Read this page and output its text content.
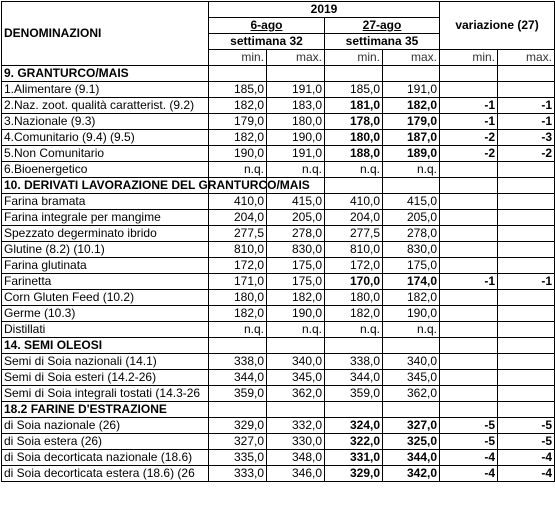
DENOMINAZIONI	2019				variazione (27)	
	6-ago		27-ago			
	settimana 32		settimana 35			
	min.	max.	min.	max.	min.	max.
9. GRANTURCO/MAIS						
1.Alimentare (9.1)	185,0	191,0	185,0	191,0		
2.Naz. zoot. qualità caratterist. (9.2)	182,0	183,0	181,0	182,0	-1	-1
3.Nazionale (9.3)	179,0	180,0	178,0	179,0	-1	-1
4.Comunitario (9.4) (9.5)	182,0	190,0	180,0	187,0	-2	-3
5.Non Comunitario	190,0	191,0	188,0	189,0	-2	-2
6.Bioenergetico	n.q.	n.q.	n.q.	n.q.		
10. DERIVATI LAVORAZIONE DEL GRANTURCO/MAIS						
Farina bramata	410,0	415,0	410,0	415,0		
Farina integrale per mangime	204,0	205,0	204,0	205,0		
Spezzato degerminato ibrido	277,5	278,0	277,5	278,0		
Glutine (8.2) (10.1)	810,0	830,0	810,0	830,0		
Farina glutinata	172,0	175,0	172,0	175,0		
Farinetta	171,0	175,0	170,0	174,0	-1	-1
Corn Gluten Feed (10.2)	180,0	182,0	180,0	182,0		
Germe (10.3)	182,0	190,0	182,0	190,0		
Distillati	n.q.	n.q.	n.q.	n.q.		
14. SEMI OLEOSI						
Semi di Soia nazionali (14.1)	338,0	340,0	338,0	340,0		
Semi di Soia esteri (14.2-26)	344,0	345,0	344,0	345,0		
Semi di Soia integrali tostati (14.3-26	359,0	362,0	359,0	362,0		
18.2 FARINE D'ESTRAZIONE						
di Soia nazionale (26)	329,0	332,0	324,0	327,0	-5	-5
di Soia estera (26)	327,0	330,0	322,0	325,0	-5	-5
di Soia decorticata nazionale (18.6)	335,0	348,0	331,0	344,0	-4	-4
di Soia decorticata estera (18.6) (26	333,0	346,0	329,0	342,0	-4	-4
